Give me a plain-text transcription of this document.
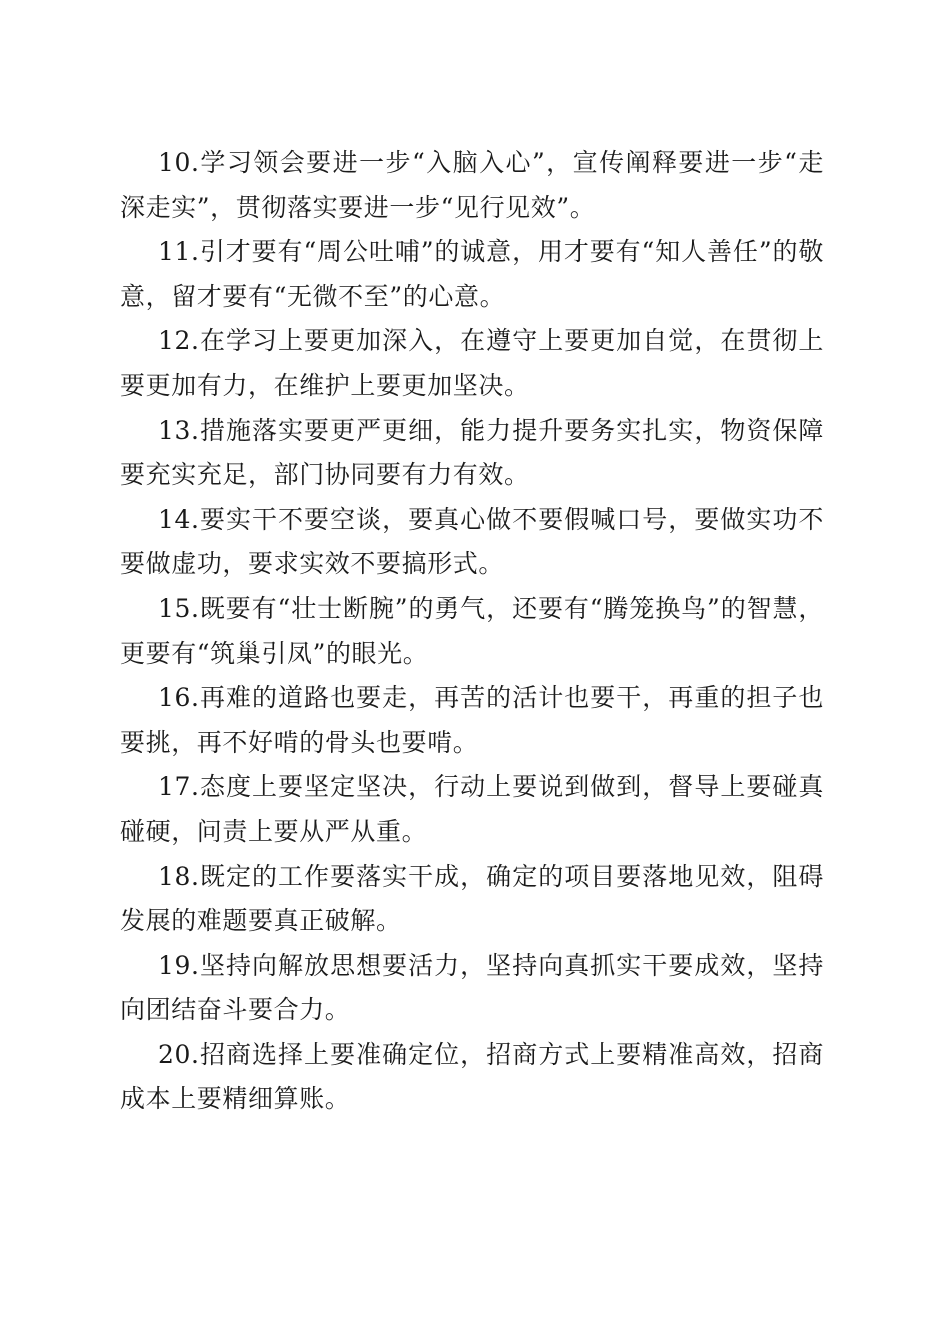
10.学习领会要进一步“入脑入心”，宣传阐释要进一步“走深走实”，贯彻落实要进一步“见行见效”。

11.引才要有“周公吐哺”的诚意，用才要有“知人善任”的敬意，留才要有“无微不至”的心意。

12.在学习上要更加深入，在遵守上要更加自觉，在贯彻上要更加有力，在维护上要更加坚决。

13.措施落实要更严更细，能力提升要务实扎实，物资保障要充实充足，部门协同要有力有效。

14.要实干不要空谈，要真心做不要假喊口号，要做实功不要做虚功，要求实效不要搞形式。

15.既要有“壮士断腕”的勇气，还要有“腾笼换鸟”的智慧，更要有“筑巢引凤”的眼光。

16.再难的道路也要走，再苦的活计也要干，再重的担子也要挑，再不好啃的骨头也要啃。

17.态度上要坚定坚决，行动上要说到做到，督导上要碰真碰硬，问责上要从严从重。

18.既定的工作要落实干成，确定的项目要落地见效，阻碍发展的难题要真正破解。

19.坚持向解放思想要活力，坚持向真抓实干要成效，坚持向团结奋斗要合力。

20.招商选择上要准确定位，招商方式上要精准高效，招商成本上要精细算账。
